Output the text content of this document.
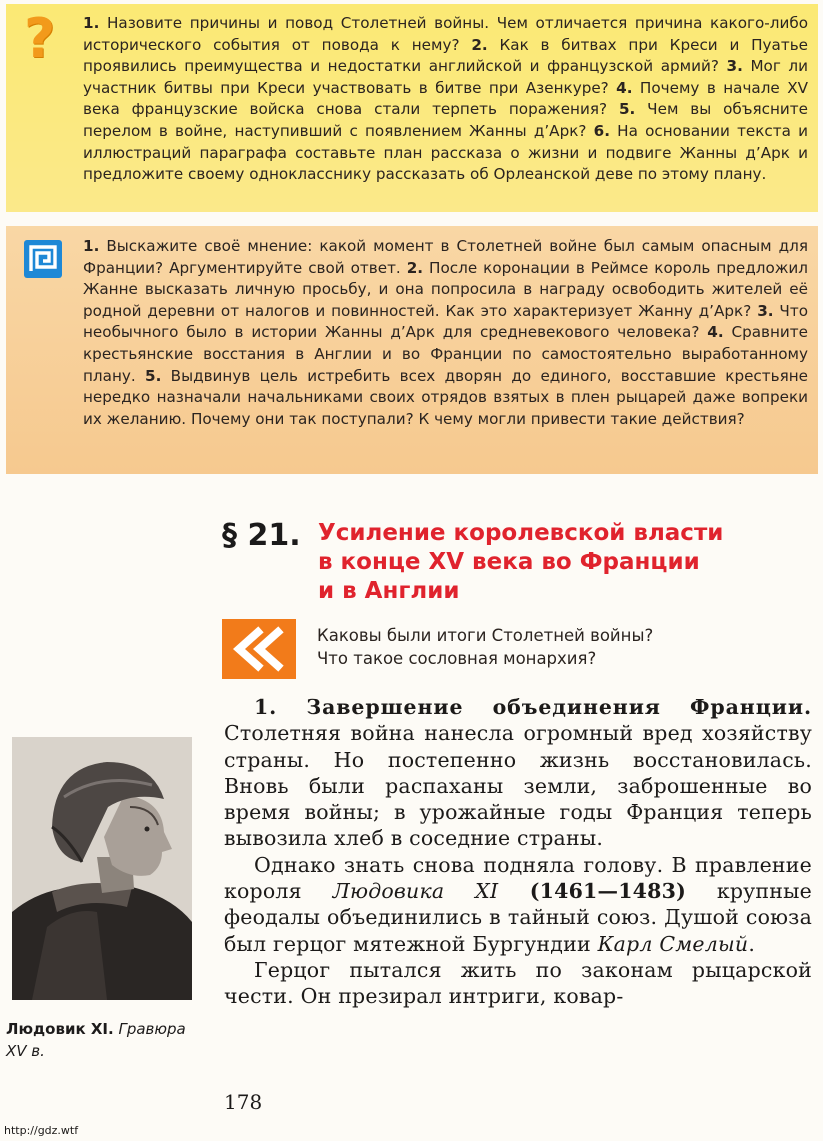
?	1. Назовите причины и повод Столетней войны. Чем отличается причина какого-либо исторического события от повода к нему? 2. Как в битвах при Креси и Пуатье проявились преимущества и недостатки английской и французской армий? 3. Мог ли участник битвы при Креси участвовать в битве при Азенкуре? 4. Почему в начале XV века французские войска снова стали терпеть поражения? 5. Чем вы объясните перелом в войне, наступивший с появлением Жанны д’Арк? 6. На основании текста и иллюстраций параграфа составьте план рассказа о жизни и подвиге Жанны д’Арк и предложите своему однокласснику рассказать об Орлеанской деве по этому плану.
1. Выскажите своё мнение: какой момент в Столетней войне был самым опасным для Франции? Аргументируйте свой ответ. 2. После коронации в Реймсе король предложил Жанне высказать личную просьбу, и она попросила в награду освободить жителей её родной деревни от налогов и повинностей. Как это характеризует Жанну д’Арк? 3. Что необычного было в истории Жанны д’Арк для средневекового человека? 4. Сравните крестьянские восстания в Англии и во Франции по самостоятельно выработанному плану. 5. Выдвинув цель истребить всех дворян до единого, восставшие крестьяне нередко назначали начальниками своих отрядов взятых в плен рыцарей даже вопреки их желанию. Почему они так поступали? К чему могли привести такие действия?
§ 21. Усиление королевской власти
в конце XV века во Франции
и в Англии
Каковы были итоги Столетней войны?
Что такое сословная монархия?
Людовик XI. Гравюра XV в.

1. Завершение объединения Франции. Столетняя война нанесла огромный вред хозяйству страны. Но постепенно жизнь восстановилась. Вновь были распаханы земли, заброшенные во время войны; в урожайные годы Франция теперь вывозила хлеб в соседние страны.

Однако знать снова подняла голову. В правление короля Людовика XI (1461—1483) крупные феодалы объединились в тайный союз. Душой союза был герцог мятежной Бургундии Карл Смелый.

Герцог пытался жить по законам рыцарской чести. Он презирал интриги, ковар-

178
http://gdz.wtf
